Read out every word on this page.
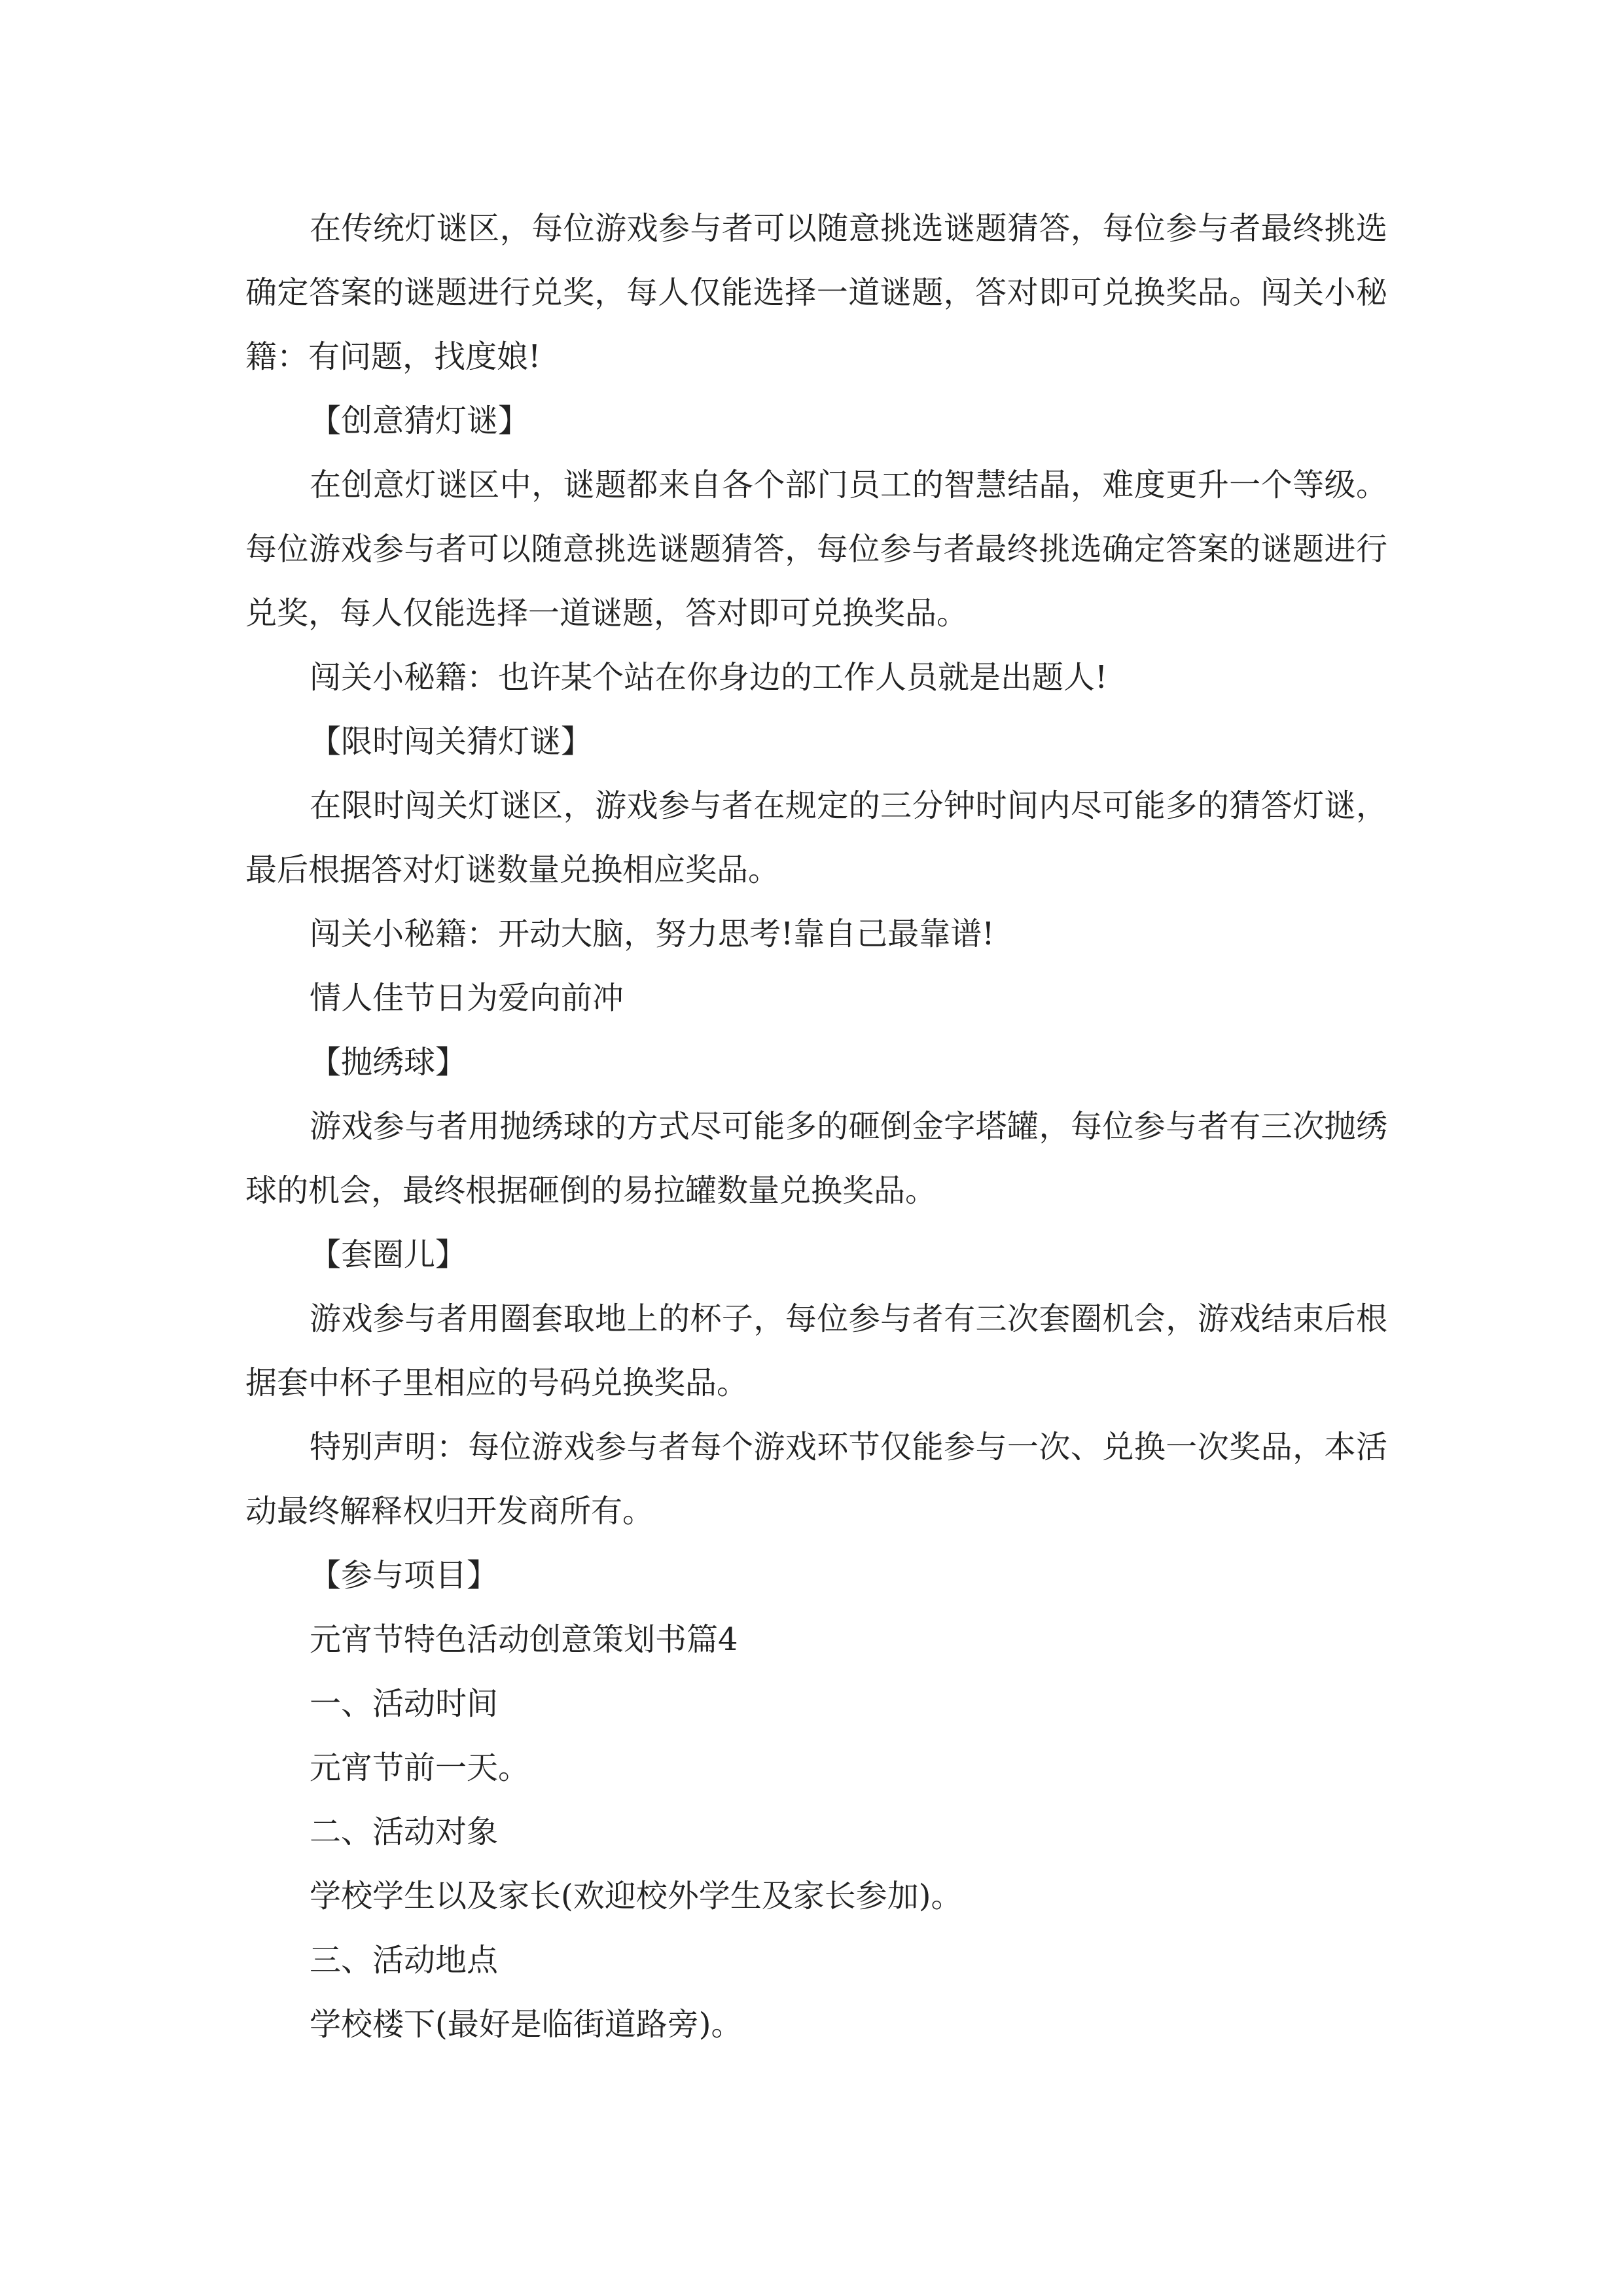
在传统灯谜区，每位游戏参与者可以随意挑选谜题猜答，每位参与者最终挑选确定答案的谜题进行兑奖，每人仅能选择一道谜题，答对即可兑换奖品。闯关小秘籍：有问题，找度娘!

【创意猜灯谜】

在创意灯谜区中，谜题都来自各个部门员工的智慧结晶，难度更升一个等级。每位游戏参与者可以随意挑选谜题猜答，每位参与者最终挑选确定答案的谜题进行兑奖，每人仅能选择一道谜题，答对即可兑换奖品。

闯关小秘籍：也许某个站在你身边的工作人员就是出题人!

【限时闯关猜灯谜】

在限时闯关灯谜区，游戏参与者在规定的三分钟时间内尽可能多的猜答灯谜，最后根据答对灯谜数量兑换相应奖品。

闯关小秘籍：开动大脑，努力思考!靠自己最靠谱!

情人佳节日为爱向前冲

【抛绣球】

游戏参与者用抛绣球的方式尽可能多的砸倒金字塔罐，每位参与者有三次抛绣球的机会，最终根据砸倒的易拉罐数量兑换奖品。

【套圈儿】

游戏参与者用圈套取地上的杯子，每位参与者有三次套圈机会，游戏结束后根据套中杯子里相应的号码兑换奖品。

特别声明：每位游戏参与者每个游戏环节仅能参与一次、兑换一次奖品，本活动最终解释权归开发商所有。

【参与项目】

元宵节特色活动创意策划书篇4

一、活动时间

元宵节前一天。

二、活动对象

学校学生以及家长(欢迎校外学生及家长参加)。

三、活动地点

学校楼下(最好是临街道路旁)。
